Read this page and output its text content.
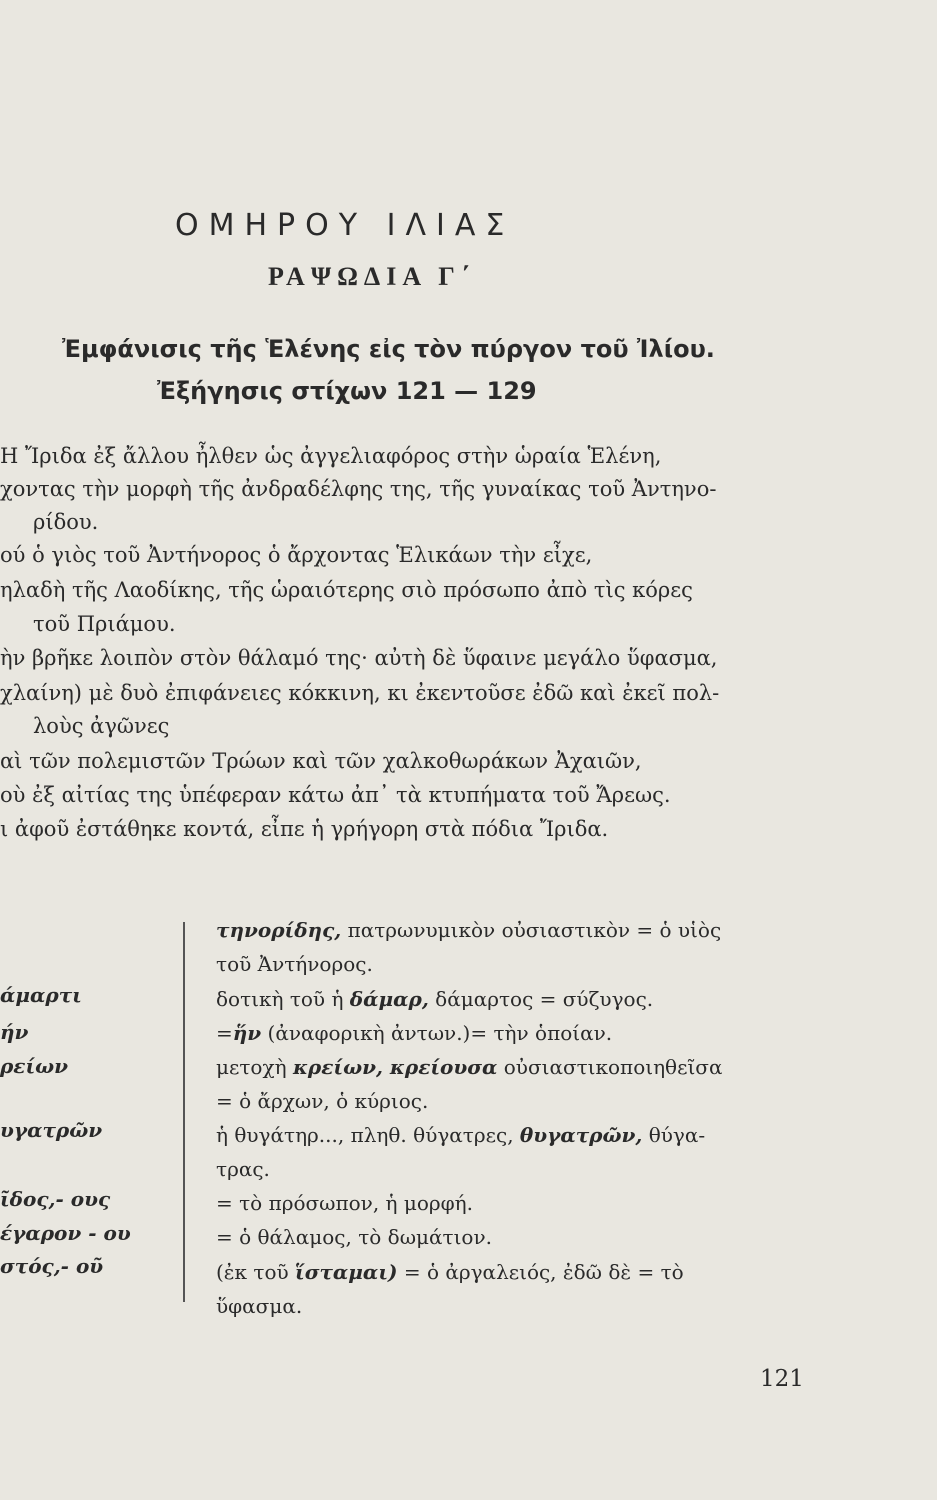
ΟΜΗΡΟΥ ΙΛΙΑΣ
ΡΑΨΩΔΙΑ Γ΄

Ἐμφάνισις τῆς Ἑλένης εἰς τὸν πύργον τοῦ Ἰλίου.

Ἐξήγησις στίχων 121 — 129

Η Ἴριδα ἐξ ἄλλου ἦλθεν ὡς ἀγγελιαφόρος στὴν ὡραία Ἑλένη,

χοντας τὴν μορφὴ τῆς ἀνδραδέλφης της, τῆς γυναίκας τοῦ Ἀντηνο-

ρίδου.

ού ὁ γιὸς τοῦ Ἀντήνορος ὁ ἄρχοντας Ἑλικάων τὴν εἶχε,

ηλαδὴ τῆς Λαοδίκης, τῆς ὡραιότερης σιὸ πρόσωπο ἀπὸ τὶς κόρες

τοῦ Πριάμου.

ὴν βρῆκε λοιπὸν στὸν θάλαμό της· αὐτὴ δὲ ὕφαινε μεγάλο ὕφασμα,

χλαίνη) μὲ δυὸ ἐπιφάνειες κόκκινη, κι ἐκεντοῦσε ἐδῶ καὶ ἐκεῖ πολ-

λοὺς ἀγῶνες

αὶ τῶν πολεμιστῶν Τρώων καὶ τῶν χαλκοθωράκων Ἀχαιῶν,

οὺ ἐξ αἰτίας της ὑπέφεραν κάτω ἀπ᾽ τὰ κτυπήματα τοῦ Ἄρεως.

ι ἀφοῦ ἐστάθηκε κοντά, εἶπε ἡ γρήγορη στὰ πόδια Ἴριδα.

άμαρτι

ήν

ρείων

υγατρῶν

ῖδος,- ους

έγαρον - ου

στός,- οῦ

τηνορίδης, πατρωνυμικὸν οὐσιαστικὸν = ὁ υἱὸς

τοῦ Ἀντήνορος.

δοτικὴ τοῦ ἡ δάμαρ, δάμαρτος = σύζυγος.

=ἥν (ἀναφορικὴ ἀντων.)= τὴν ὁποίαν.

μετοχὴ κρείων, κρείουσα οὐσιαστικοποιηθεῖσα

= ὁ ἄρχων, ὁ κύριος.

ἡ θυγάτηρ..., πληθ. θύγατρες, θυγατρῶν, θύγα-

τρας.

= τὸ πρόσωπον, ἡ μορφή.

= ὁ θάλαμος, τὸ δωμάτιον.

(ἐκ τοῦ ἵσταμαι) = ὁ ἀργαλειός, ἐδῶ δὲ = τὸ

ὕφασμα.

121
